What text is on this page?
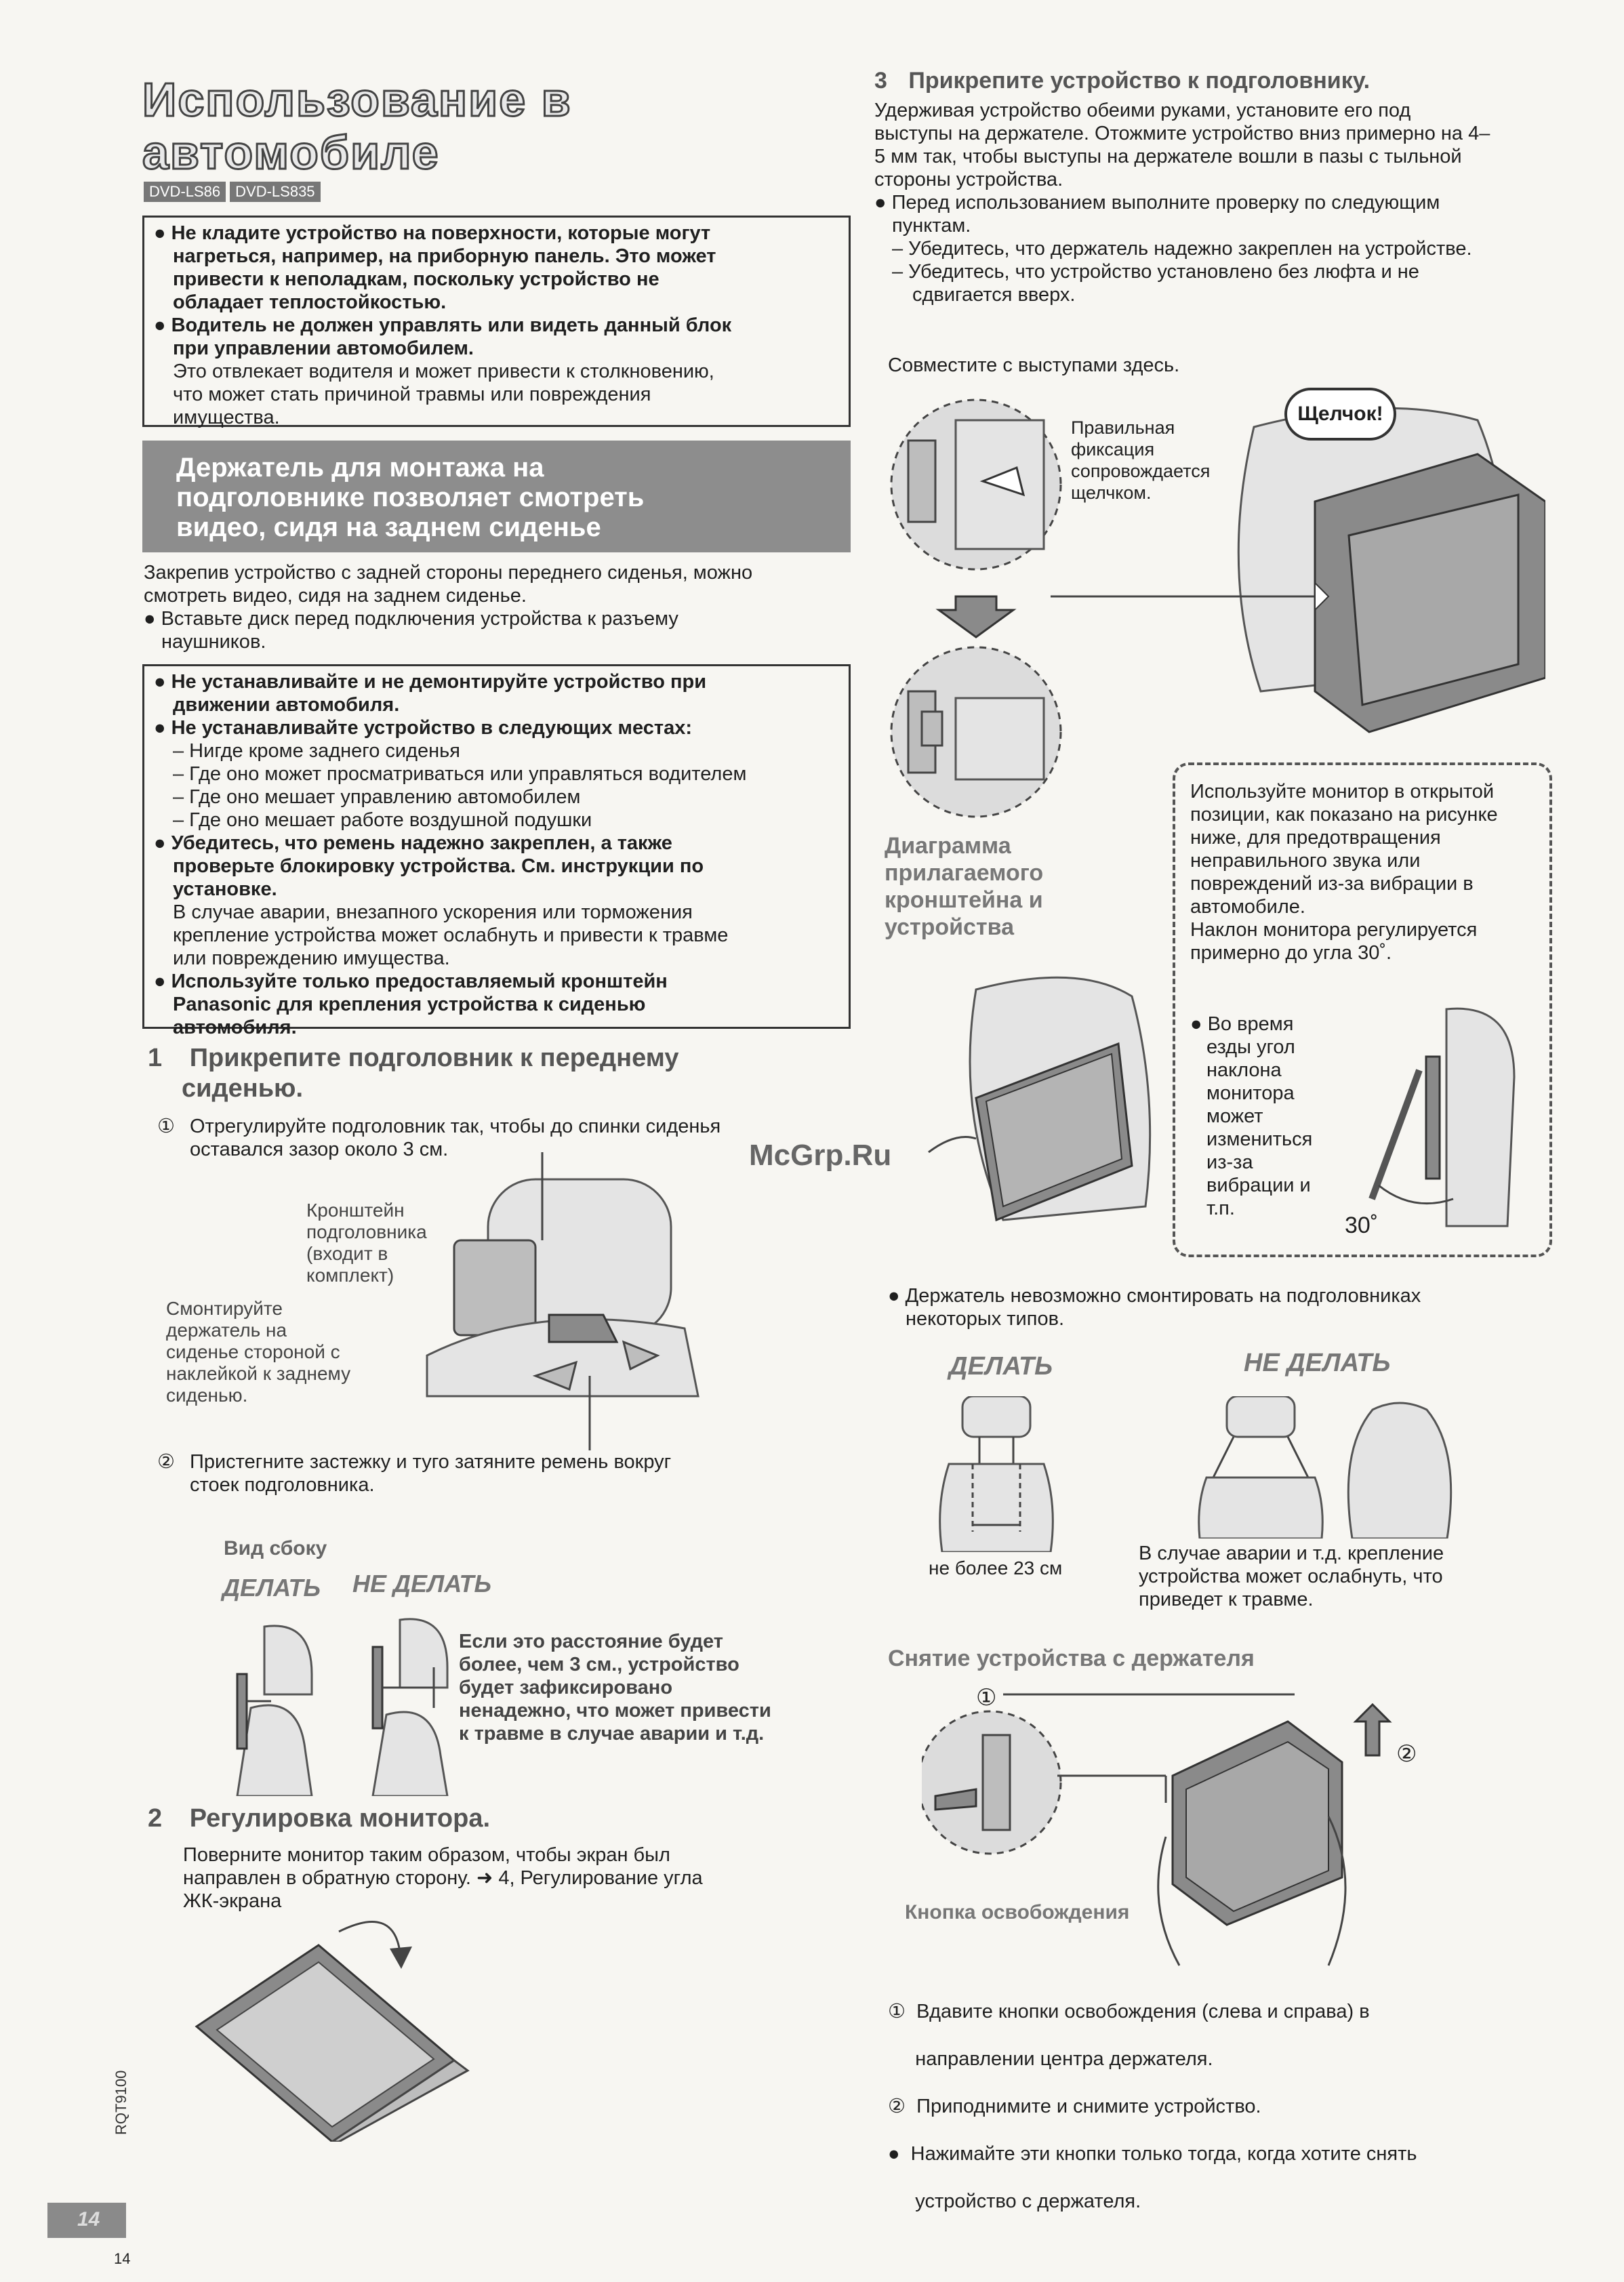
Использование в
автомобиле
DVD-LS86 DVD-LS835
● Не кладите устройство на поверхности, которые могут
нагреться, например, на приборную панель. Это может
привести к неполадкам, поскольку устройство не
обладает теплостойкостью.
● Водитель не должен управлять или видеть данный блок
при управлении автомобилем.
Это отвлекает водителя и может привести к столкновению,
что может стать причиной травмы или повреждения
имущества.
Держатель для монтажа на
подголовнике позволяет смотреть
видео, сидя на заднем сиденье
Закрепив устройство с задней стороны переднего сиденья, можно
смотреть видео, сидя на заднем сиденье.
● Вставьте диск перед подключения устройства к разъему
наушников.
● Не устанавливайте и не демонтируйте устройство при
движении автомобиля.
● Не устанавливайте устройство в следующих местах:
– Нигде кроме заднего сиденья
– Где оно может просматриваться или управляться водителем
– Где оно мешает управлению автомобилем
– Где оно мешает работе воздушной подушки
● Убедитесь, что ремень надежно закреплен, а также
проверьте блокировку устройства. См. инструкции по
установке.
В случае аварии, внезапного ускорения или торможения
крепление устройства может ослабнуть и привести к травме
или повреждению имущества.
● Используйте только предоставляемый кронштейн
Panasonic для крепления устройства к сиденью
автомобиля.
1 Прикрепите подголовник к переднему
сиденью.
① Отрегулируйте подголовник так, чтобы до спинки сиденья
оставался зазор около 3 см.
Кронштейн
подголовника
(входит в
комплект)
Смонтируйте
держатель на
сиденье стороной с
наклейкой к заднему
сиденью.
② Пристегните застежку и туго затяните ремень вокруг
стоек подголовника.
Вид сбоку
ДЕЛАТЬ НЕ ДЕЛАТЬ
Если это расстояние будет
более, чем 3 см., устройство
будет зафиксировано
ненадежно, что может привести
к травме в случае аварии и т.д.
2 Регулировка монитора.
Поверните монитор таким образом, чтобы экран был
направлен в обратную сторону. ➜ 4, Регулирование угла
ЖК-экрана
RQT9100
14
14
3 Прикрепите устройство к подголовнику.
Удерживая устройство обеими руками, установите его под
выступы на держателе. Отожмите устройство вниз примерно на 4–
5 мм так, чтобы выступы на держателе вошли в пазы с тыльной
стороны устройства.
● Перед использованием выполните проверку по следующим
пунктам.
– Убедитесь, что держатель надежно закреплен на устройстве.
– Убедитесь, что устройство установлено без люфта и не
сдвигается вверх.
Совместите с выступами здесь.
Правильная
фиксация
сопровождается
щелчком.
Щелчок!
Используйте монитор в открытой
позиции, как показано на рисунке
ниже, для предотвращения
неправильного звука или
повреждений из-за вибрации в
автомобиле.
Наклон монитора регулируется
примерно до угла 30˚.
● Во время
езды угол
наклона
монитора
может
измениться
из-за
вибрации и
т.п.
30˚
Диаграмма
прилагаемого
кронштейна и
устройства
McGrp.Ru
● Держатель невозможно смонтировать на подголовниках
некоторых типов.
ДЕЛАТЬ	НЕ ДЕЛАТЬ
не более 23 см
В случае аварии и т.д. крепление
устройства может ослабнуть, что
приведет к травме.
Снятие устройства с держателя
①
②
Кнопка освобождения

①  Вдавите кнопки освобождения (слева и справа) в

направлении центра держателя.

②  Приподнимите и снимите устройство.

●  Нажимайте эти кнопки только тогда, когда хотите снять

устройство с держателя.
